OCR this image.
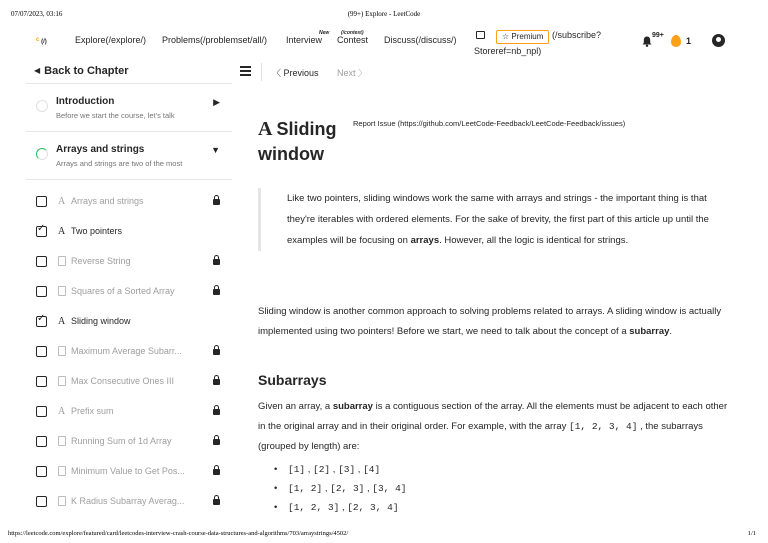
07/07/2023, 03:16	(99+) Explore - LeetCode
ᶜ (/)	Explore(/explore/) Problems(/problemset/all/) Interview
New (/contest)
Contest Discuss(/discuss/)
Storeref=nb_npl)
☆ Premium (/subscribe?	99+
1
◀ Back to Chapter
Introduction
Before we start the course, let's talk
▶
Arrays and strings
Arrays and strings are two of the most
▼
A Arrays and strings
✓
A Two pointers
Reverse String
Squares of a Sorted Array
✓
A Sliding window
Maximum Average Subarr...
Max Consecutive Ones III
A Prefix sum
Running Sum of 1d Array
Minimum Value to Get Pos...
K Radius Subarray Averag...
〈 Previous Next 〉
A Sliding Report Issue (https://github.com/LeetCode-Feedback/LeetCode-Feedback/issues)
window
Like two pointers, sliding windows work the same with arrays and strings - the important thing is that they're iterables with ordered elements. For the sake of brevity, the first part of this article up until the examples will be focusing on arrays. However, all the logic is identical for strings.
Sliding window is another common approach to solving problems related to arrays. A sliding window is actually implemented using two pointers! Before we start, we need to talk about the concept of a subarray.
Subarrays
Given an array, a subarray is a contiguous section of the array. All the elements must be adjacent to each other in the original array and in their original order. For example, with the array [1, 2, 3, 4] , the subarrays (grouped by length) are:
• [1] , [2] , [3] , [4]
• [1, 2] , [2, 3] , [3, 4]
• [1, 2, 3] , [2, 3, 4]
https://leetcode.com/explore/featured/card/leetcodes-interview-crash-course-data-structures-and-algorithms/703/arraystrings/4502/	1/1
